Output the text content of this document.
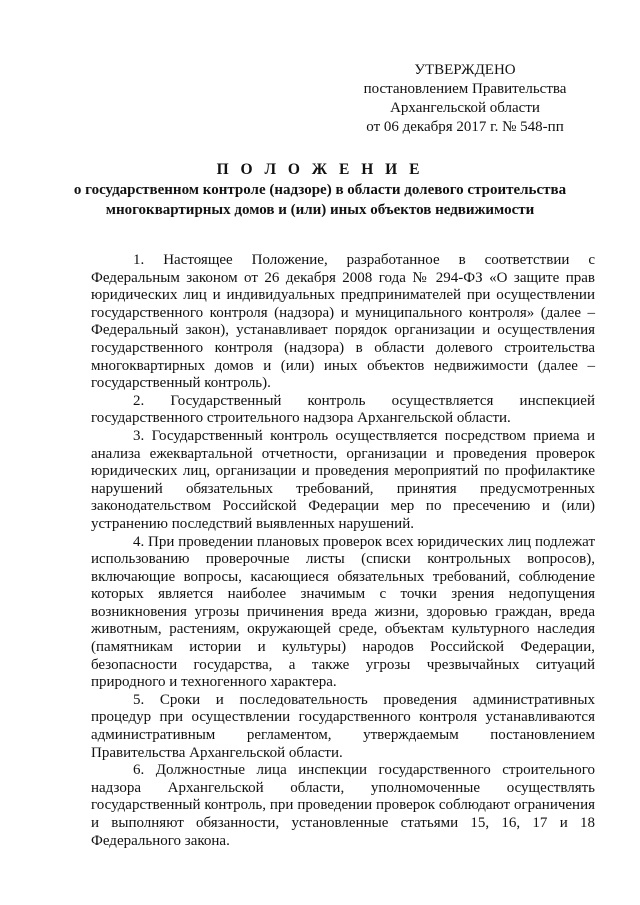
УТВЕРЖДЕНО
постановлением Правительства
Архангельской области
от 06 декабря 2017 г. № 548-пп
П О Л О Ж Е Н И Е
о государственном контроле (надзоре) в области долевого строительства
многоквартирных домов и (или) иных объектов недвижимости

1. Настоящее Положение, разработанное в соответствии с Федеральным законом от 26 декабря 2008 года № 294-ФЗ «О защите прав юридических лиц и индивидуальных предпринимателей при осуществлении государственного контроля (надзора) и муниципального контроля» (далее – Федеральный закон), устанавливает порядок организации и осуществления государственного контроля (надзора) в области долевого строительства многоквартирных домов и (или) иных объектов недвижимости (далее – государственный контроль).

2. Государственный контроль осуществляется инспекцией государственного строительного надзора Архангельской области.

3. Государственный контроль осуществляется посредством приема и анализа ежеквартальной отчетности, организации и проведения проверок юридических лиц, организации и проведения мероприятий по профилактике нарушений обязательных требований, принятия предусмотренных законодательством Российской Федерации мер по пресечению и (или) устранению последствий выявленных нарушений.

4. При проведении плановых проверок всех юридических лиц подлежат использованию проверочные листы (списки контрольных вопросов), включающие вопросы, касающиеся обязательных требований, соблюдение которых является наиболее значимым с точки зрения недопущения возникновения угрозы причинения вреда жизни, здоровью граждан, вреда животным, растениям, окружающей среде, объектам культурного наследия (памятникам истории и культуры) народов Российской Федерации, безопасности государства, а также угрозы чрезвычайных ситуаций природного и техногенного характера.

5. Сроки и последовательность проведения административных процедур при осуществлении государственного контроля устанавливаются административным регламентом, утверждаемым постановлением Правительства Архангельской области.

6. Должностные лица инспекции государственного строительного надзора Архангельской области, уполномоченные осуществлять государственный контроль, при проведении проверок соблюдают ограничения и выполняют обязанности, установленные статьями 15, 16, 17 и 18 Федерального закона.
